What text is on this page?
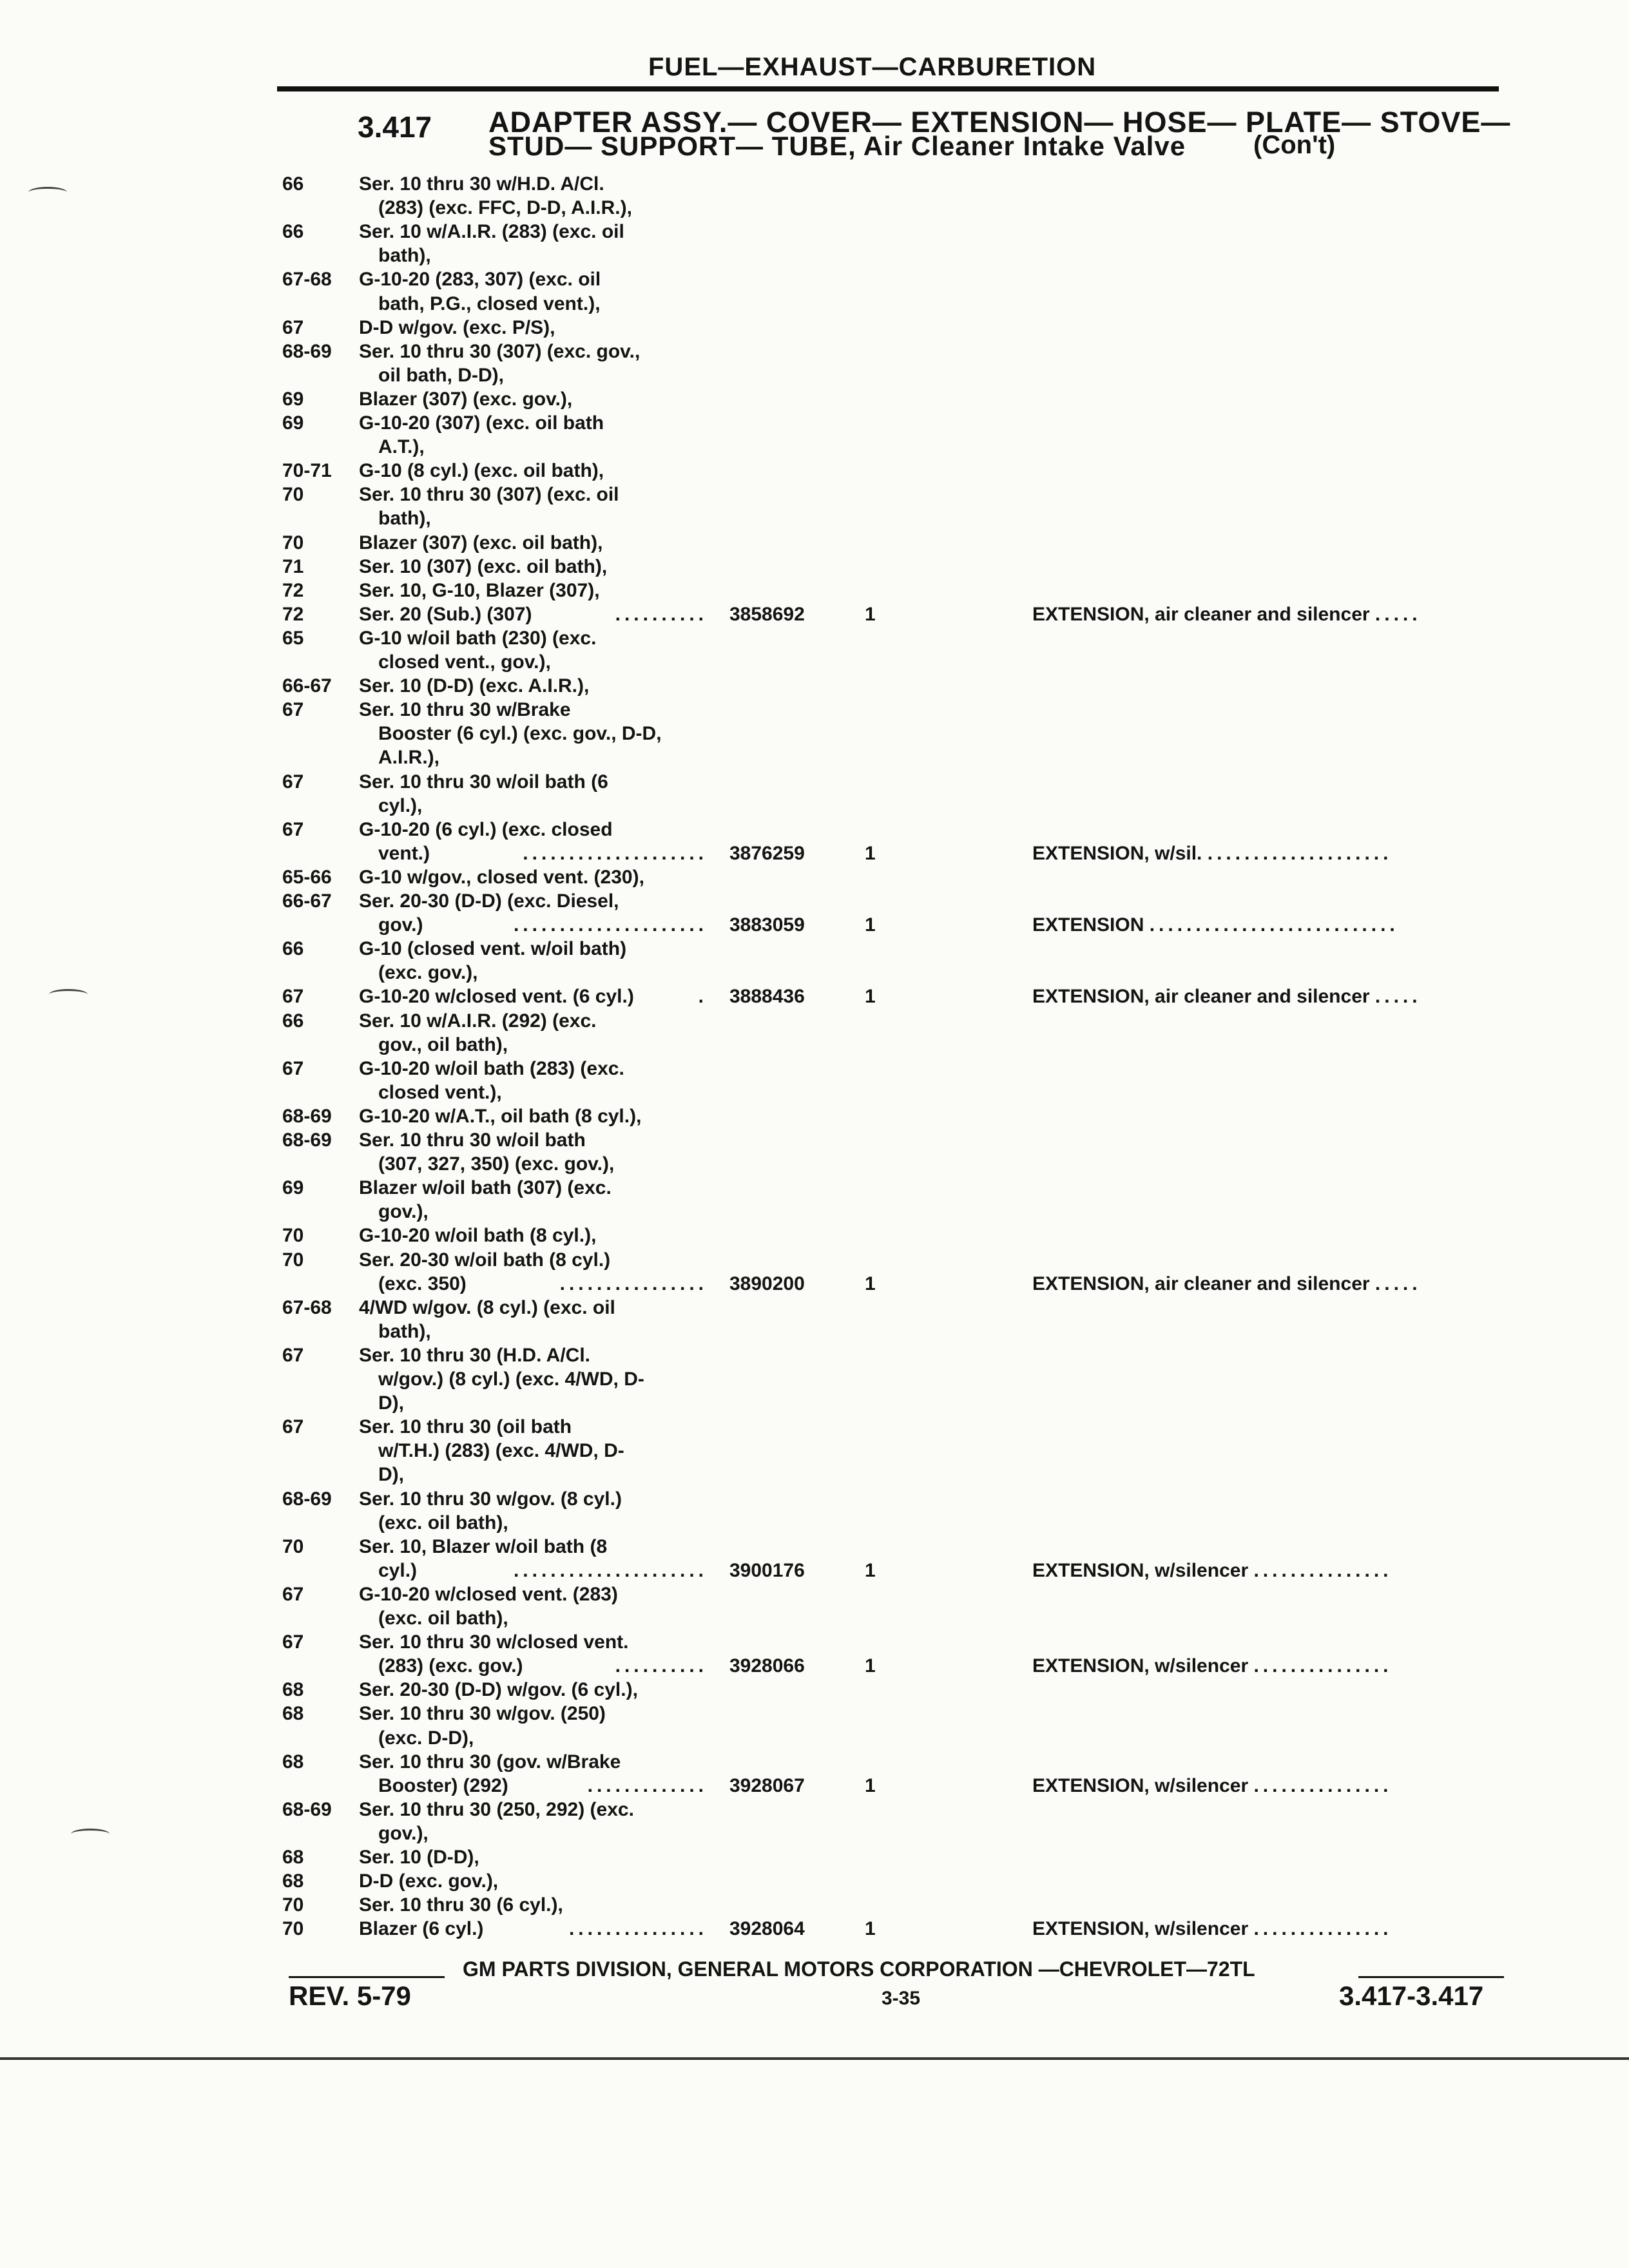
FUEL—EXHAUST—CARBURETION
3.417 ADAPTER ASSY.— COVER— EXTENSION— HOSE— PLATE— STOVE—
STUD— SUPPORT— TUBE, Air Cleaner Intake Valve	(Con't)
66	Ser. 10 thru 30 w/H.D. A/Cl.
(283) (exc. FFC, D-D, A.I.R.),
66	Ser. 10 w/A.I.R. (283) (exc. oil
bath),
67-68 G-10-20 (283, 307) (exc. oil
bath, P.G., closed vent.),
67	D-D w/gov. (exc. P/S),
68-69 Ser. 10 thru 30 (307) (exc. gov.,
oil bath, D-D),
69	Blazer (307) (exc. gov.),
69	G-10-20 (307) (exc. oil bath
A.T.),
70-71 G-10 (8 cyl.) (exc. oil bath),
70	Ser. 10 thru 30 (307) (exc. oil
bath),
70	Blazer (307) (exc. oil bath),
71	Ser. 10 (307) (exc. oil bath),
72	Ser. 10, G-10, Blazer (307),
72	Ser. 20 (Sub.) (307)	.......... 3858692	1	EXTENSION, air cleaner and silencer .....
65	G-10 w/oil bath (230) (exc.
closed vent., gov.),
66-67 Ser. 10 (D-D) (exc. A.I.R.),
67	Ser. 10 thru 30 w/Brake
Booster (6 cyl.) (exc. gov., D-D,
A.I.R.),
67	Ser. 10 thru 30 w/oil bath (6
cyl.),
67	G-10-20 (6 cyl.) (exc. closed
vent.)	.................... 3876259	1	EXTENSION, w/sil. ....................
65-66 G-10 w/gov., closed vent. (230),
66-67 Ser. 20-30 (D-D) (exc. Diesel,
gov.)	..................... 3883059	1	EXTENSION ...........................
66	G-10 (closed vent. w/oil bath)
(exc. gov.),
67	G-10-20 w/closed vent. (6 cyl.)	. 3888436	1	EXTENSION, air cleaner and silencer .....
66	Ser. 10 w/A.I.R. (292) (exc.
gov., oil bath),
67	G-10-20 w/oil bath (283) (exc.
closed vent.),
68-69 G-10-20 w/A.T., oil bath (8 cyl.),
68-69 Ser. 10 thru 30 w/oil bath
(307, 327, 350) (exc. gov.),
69	Blazer w/oil bath (307) (exc.
gov.),
70	G-10-20 w/oil bath (8 cyl.),
70	Ser. 20-30 w/oil bath (8 cyl.)
(exc. 350)	................ 3890200	1	EXTENSION, air cleaner and silencer .....
67-68 4/WD w/gov. (8 cyl.) (exc. oil
bath),
67	Ser. 10 thru 30 (H.D. A/Cl.
w/gov.) (8 cyl.) (exc. 4/WD, D-
D),
67	Ser. 10 thru 30 (oil bath
w/T.H.) (283) (exc. 4/WD, D-
D),
68-69 Ser. 10 thru 30 w/gov. (8 cyl.)
(exc. oil bath),
70	Ser. 10, Blazer w/oil bath (8
cyl.)	..................... 3900176	1	EXTENSION, w/silencer ...............
67	G-10-20 w/closed vent. (283)
(exc. oil bath),
67	Ser. 10 thru 30 w/closed vent.
(283) (exc. gov.)	.......... 3928066	1	EXTENSION, w/silencer ...............
68	Ser. 20-30 (D-D) w/gov. (6 cyl.),
68	Ser. 10 thru 30 w/gov. (250)
(exc. D-D),
68	Ser. 10 thru 30 (gov. w/Brake
Booster) (292)	............. 3928067	1	EXTENSION, w/silencer ...............
68-69 Ser. 10 thru 30 (250, 292) (exc.
gov.),
68	Ser. 10 (D-D),
68	D-D (exc. gov.),
70	Ser. 10 thru 30 (6 cyl.),
70	Blazer (6 cyl.)	............... 3928064	1	EXTENSION, w/silencer ...............
GM PARTS DIVISION, GENERAL MOTORS CORPORATION —CHEVROLET—72TL
REV. 5-79	3-35	3.417-3.417
